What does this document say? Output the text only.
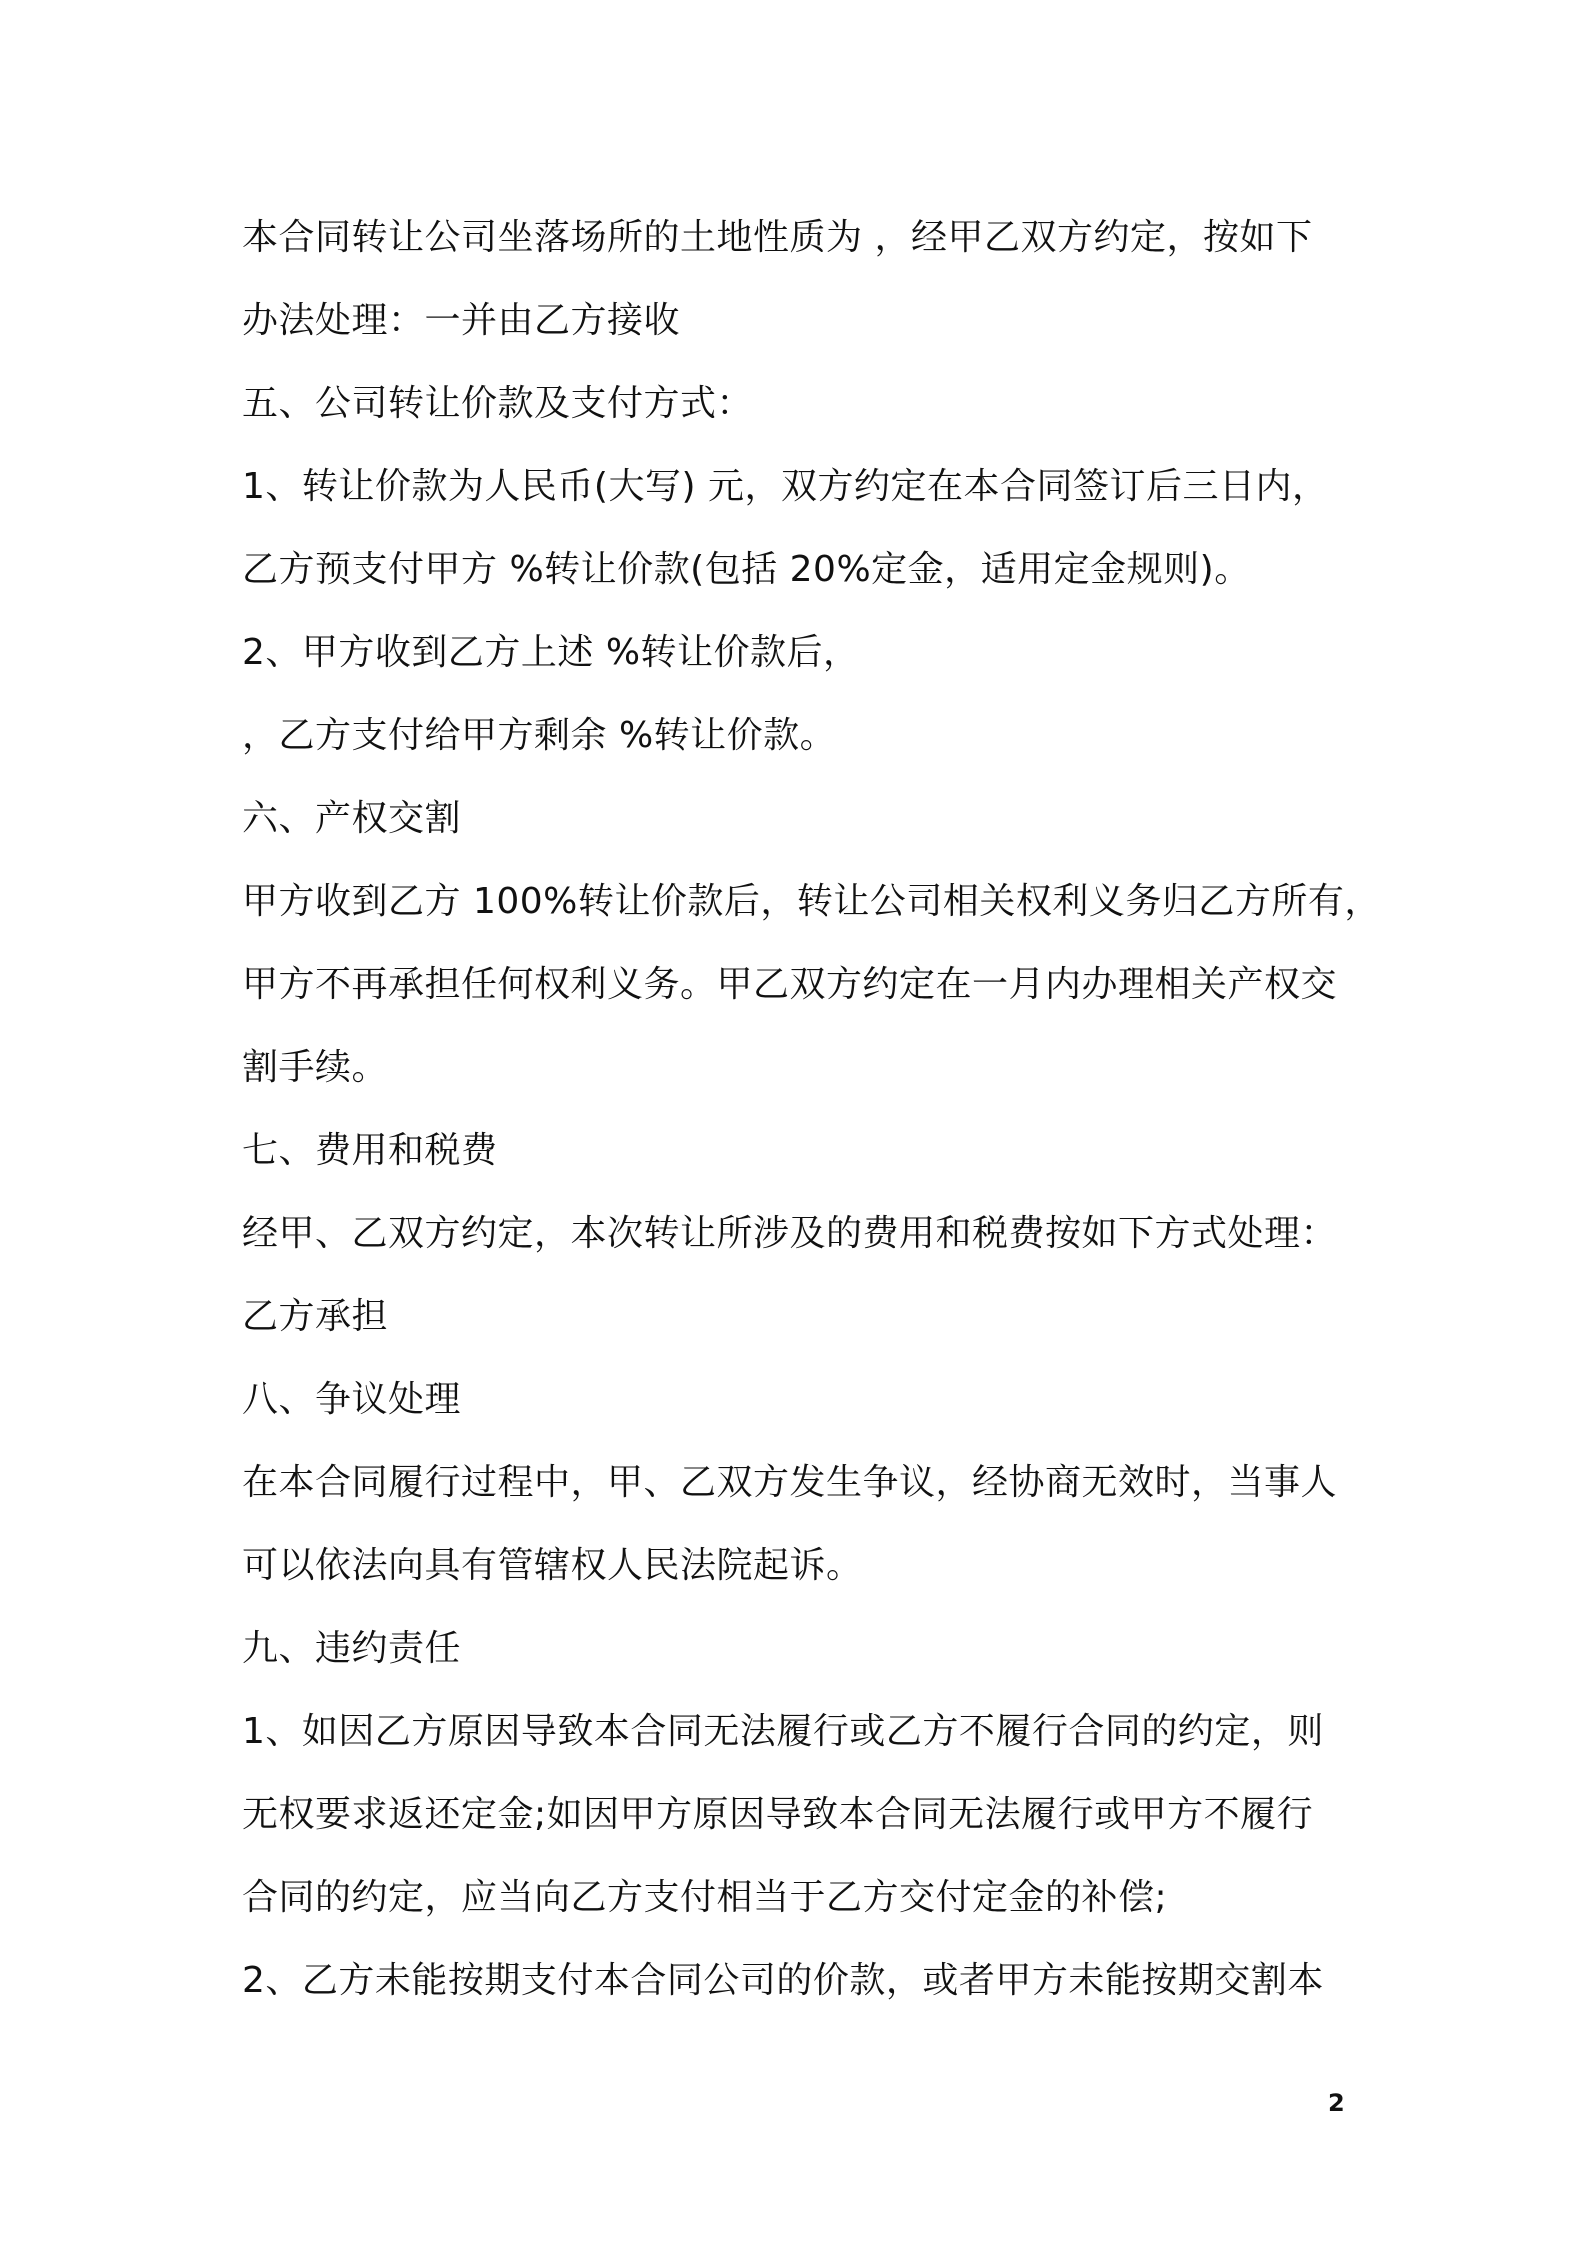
本合同转让公司坐落场所的土地性质为 ，经甲乙双方约定，按如下
办法处理：一并由乙方接收
五、公司转让价款及支付方式：
1、转让价款为人民币(大写) 元，双方约定在本合同签订后三日内，
乙方预支付甲方 %转让价款(包括 20%定金，适用定金规则)。
2、甲方收到乙方上述 %转让价款后，
，乙方支付给甲方剩余 %转让价款。
六、产权交割
甲方收到乙方 100%转让价款后，转让公司相关权利义务归乙方所有，
甲方不再承担任何权利义务。甲乙双方约定在一月内办理相关产权交
割手续。
七、费用和税费
经甲、乙双方约定，本次转让所涉及的费用和税费按如下方式处理：
乙方承担
八、争议处理
在本合同履行过程中，甲、乙双方发生争议，经协商无效时，当事人
可以依法向具有管辖权人民法院起诉。
九、违约责任
1、如因乙方原因导致本合同无法履行或乙方不履行合同的约定，则
无权要求返还定金;如因甲方原因导致本合同无法履行或甲方不履行
合同的约定，应当向乙方支付相当于乙方交付定金的补偿;
2、乙方未能按期支付本合同公司的价款，或者甲方未能按期交割本
2
